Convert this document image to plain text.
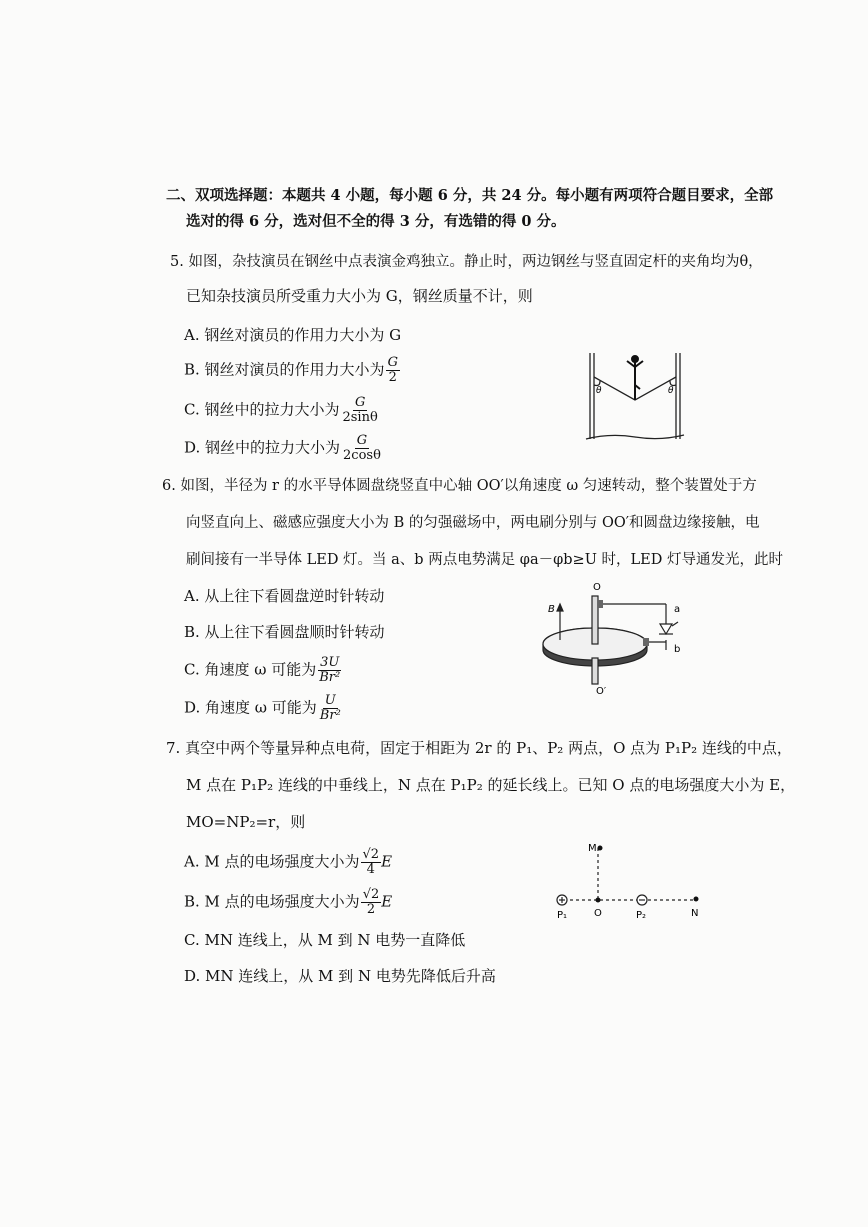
二、双项选择题：本题共 4 小题，每小题 6 分，共 24 分。每小题有两项符合题目要求，全部
选对的得 6 分，选对但不全的得 3 分，有选错的得 0 分。
5. 如图，杂技演员在钢丝中点表演金鸡独立。静止时，两边钢丝与竖直固定杆的夹角均为θ，
已知杂技演员所受重力大小为 G，钢丝质量不计，则
A. 钢丝对演员的作用力大小为 G
B. 钢丝对演员的作用力大小为 $\frac{G}{2}$
C. 钢丝中的拉力大小为 $\frac{G}{2\sin\theta}$
D. 钢丝中的拉力大小为 $\frac{G}{2\cos\theta}$
θ	θ
6. 如图，半径为 r 的水平导体圆盘绕竖直中心轴 OO′以角速度 ω 匀速转动，整个装置处于方
向竖直向上、磁感应强度大小为 B 的匀强磁场中，两电刷分别与 OO′和圆盘边缘接触，电
刷间接有一半导体 LED 灯。当 a、b 两点电势满足 φa－φb≥U 时，LED 灯导通发光，此时
A. 从上往下看圆盘逆时针转动
B. 从上往下看圆盘顺时针转动
C. 角速度 ω 可能为 $\frac{3U}{\text{Br²}}$
D. 角速度 ω 可能为 $\frac{U}{\text{Br²}}$
O
O′
B	a
b
7. 真空中两个等量异种点电荷，固定于相距为 2r 的 P₁、P₂ 两点，O 点为 P₁P₂ 连线的中点，
M 点在 P₁P₂ 连线的中垂线上，N 点在 P₁P₂ 的延长线上。已知 O 点的电场强度大小为 E，
MO=NP₂=r，则
A. M 点的电场强度大小为 $\frac{√2}{4}$ E
B. M 点的电场强度大小为 $\frac{√2}{2}$ E
C. MN 连线上，从 M 到 N 电势一直降低
D. MN 连线上，从 M 到 N 电势先降低后升高
M
P₁	O	P₂	N
